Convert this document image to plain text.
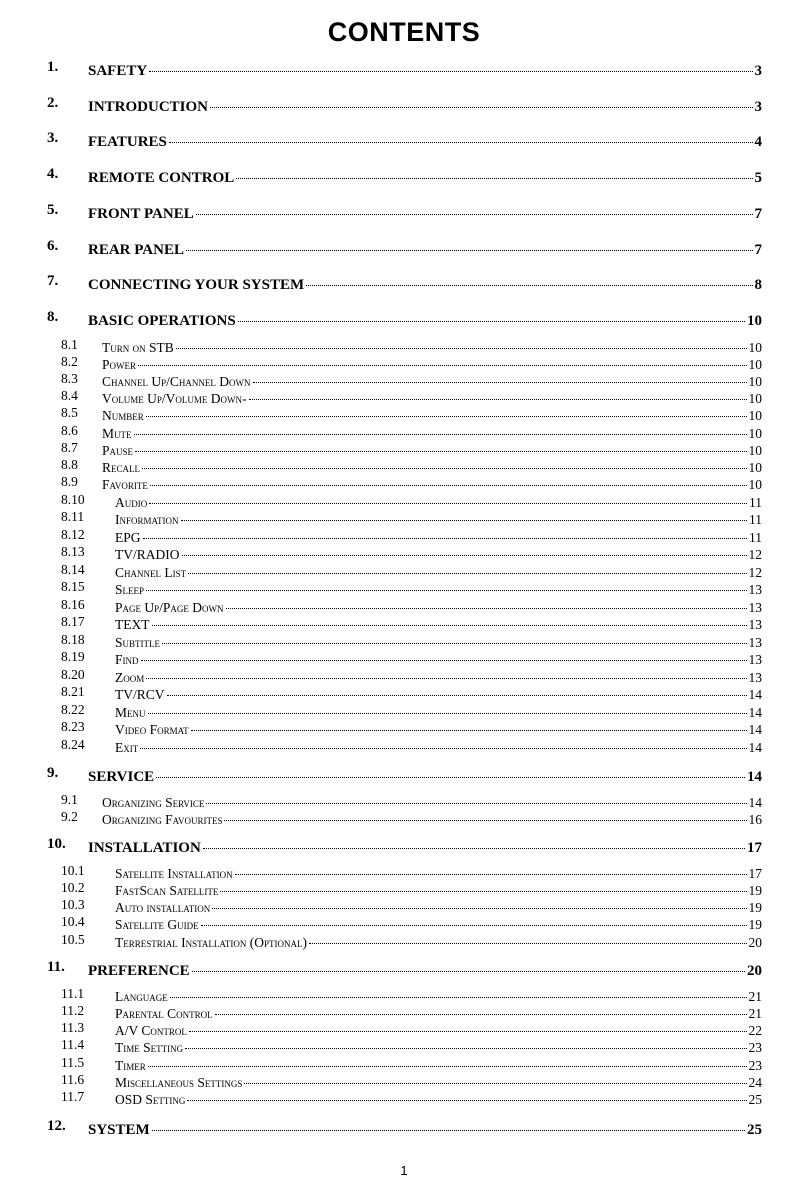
CONTENTS
1. SAFETY	3
2. INTRODUCTION	3
3. FEATURES	4
4. REMOTE CONTROL	5
5. FRONT PANEL	7
6. REAR PANEL	7
7. CONNECTING YOUR SYSTEM	8
8. BASIC OPERATIONS	10
8.1 Turn on STB	10
8.2 Power	10
8.3 Channel Up/Channel Down	10
8.4 Volume Up/Volume Down-	10
8.5 Number	10
8.6 Mute	10
8.7 Pause	10
8.8 Recall	10
8.9 Favorite	10
8.10 Audio	11
8.11 Information	11
8.12 EPG	11
8.13 TV/RADIO	12
8.14 Channel List	12
8.15 Sleep	13
8.16 Page Up/Page Down	13
8.17 TEXT	13
8.18 Subtitle	13
8.19 Find	13
8.20 Zoom	13
8.21 TV/RCV	14
8.22 Menu	14
8.23 Video Format	14
8.24 Exit	14
9. SERVICE	14
9.1 Organizing Service	14
9.2 Organizing Favourites	16
10. INSTALLATION	17
10.1 Satellite Installation	17
10.2 FastScan Satellite	19
10.3 Auto installation	19
10.4 Satellite Guide	19
10.5 Terrestrial Installation (Optional)	20
11. PREFERENCE	20
11.1 Language	21
11.2 Parental Control	21
11.3 A/V Control	22
11.4 Time Setting	23
11.5 Timer	23
11.6 Miscellaneous Settings	24
11.7 OSD Setting	25
12. SYSTEM	25
1
